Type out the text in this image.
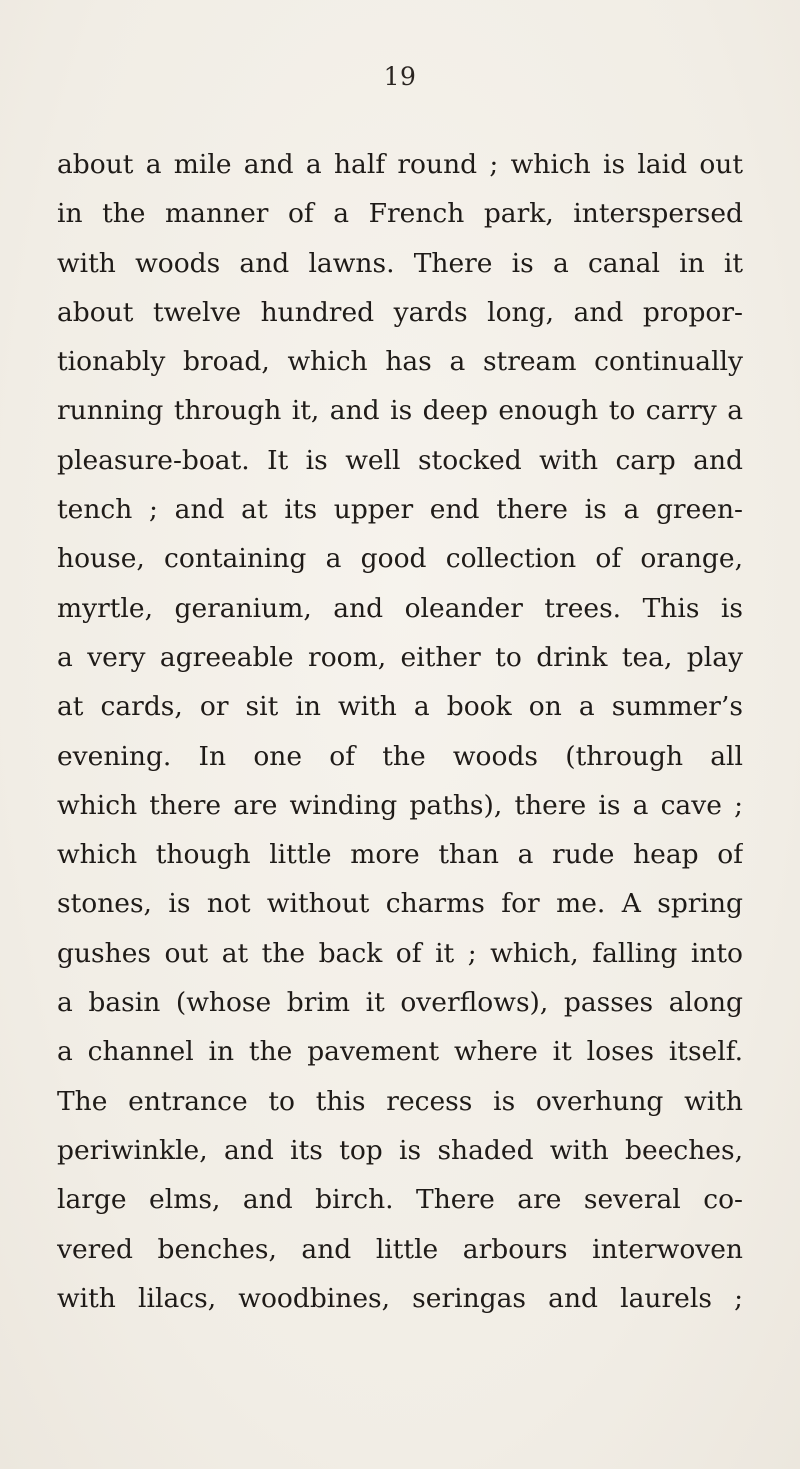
19
about a mile and a half round ; which is laid out
in the manner of a French park, interspersed
with woods and lawns. There is a canal in it
about twelve hundred yards long, and propor-
tionably broad, which has a stream continually
running through it, and is deep enough to carry a
pleasure-boat. It is well stocked with carp and
tench ; and at its upper end there is a green-
house, containing a good collection of orange,
myrtle, geranium, and oleander trees. This is
a very agreeable room, either to drink tea, play
at cards, or sit in with a book on a summer’s
evening. In one of the woods (through all
which there are winding paths), there is a cave ;
which though little more than a rude heap of
stones, is not without charms for me. A spring
gushes out at the back of it ; which, falling into
a basin (whose brim it overflows), passes along
a channel in the pavement where it loses itself.
The entrance to this recess is overhung with
periwinkle, and its top is shaded with beeches,
large elms, and birch. There are several co-
vered benches, and little arbours interwoven
with lilacs, woodbines, seringas and laurels ;
